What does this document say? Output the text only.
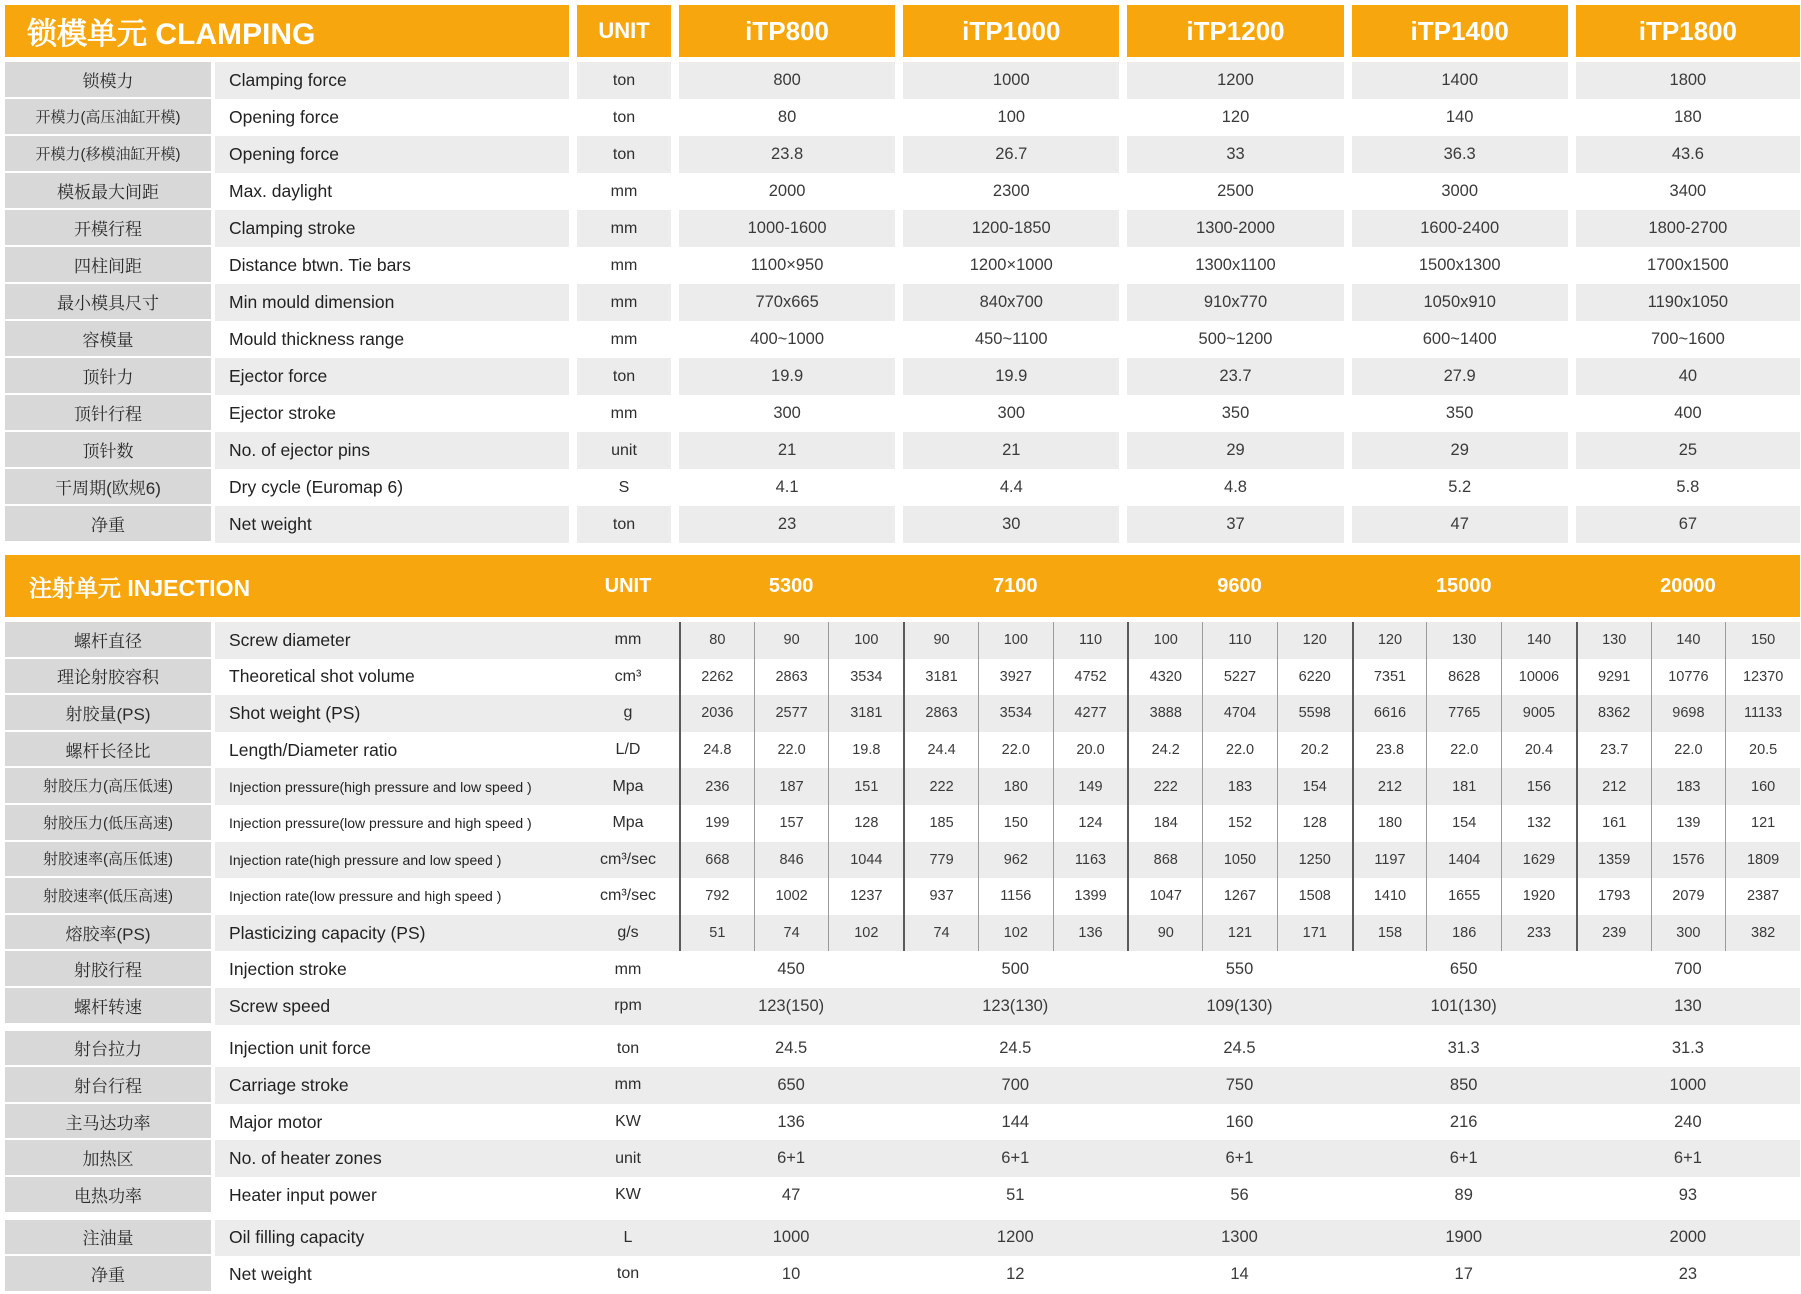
锁模单元 CLAMPING	UNIT	iTP800	iTP1000	iTP1200	iTP1400	iTP1800
锁模力	Clamping force	ton	800	1000	1200	1400	1800
开模力(高压油缸开模)	Opening force	ton	80	100	120	140	180
开模力(移模油缸开模)	Opening force	ton	23.8	26.7	33	36.3	43.6
模板最大间距	Max. daylight	mm	2000	2300	2500	3000	3400
开模行程	Clamping stroke	mm	1000-1600	1200-1850	1300-2000	1600-2400	1800-2700
四柱间距	Distance btwn. Tie bars	mm	1100×950	1200×1000	1300x1100	1500x1300	1700x1500
最小模具尺寸	Min mould dimension	mm	770x665	840x700	910x770	1050x910	1190x1050
容模量	Mould thickness range	mm	400~1000	450~1100	500~1200	600~1400	700~1600
顶针力	Ejector force	ton	19.9	19.9	23.7	27.9	40
顶针行程	Ejector stroke	mm	300	300	350	350	400
顶针数	No. of ejector pins	unit	21	21	29	29	25
干周期(欧规6)	Dry cycle (Euromap 6)	S	4.1	4.4	4.8	5.2	5.8
净重	Net weight	ton	23	30	37	47	67
注射单元 INJECTION	UNIT	5300	7100	9600	15000	20000
螺杆直径	Screw diameter	mm	80	90	100	90	100	110	100	110	120	120	130	140	130	140	150
理论射胶容积	Theoretical shot volume	cm³	2262	2863	3534	3181	3927	4752	4320	5227	6220	7351	8628	10006	9291	10776	12370
射胶量(PS)	Shot weight (PS)	g	2036	2577	3181	2863	3534	4277	3888	4704	5598	6616	7765	9005	8362	9698	11133
螺杆长径比	Length/Diameter ratio	L/D	24.8	22.0	19.8	24.4	22.0	20.0	24.2	22.0	20.2	23.8	22.0	20.4	23.7	22.0	20.5
射胶压力(高压低速)	Injection pressure(high pressure and low speed )	Mpa	236	187	151	222	180	149	222	183	154	212	181	156	212	183	160
射胶压力(低压高速)	Injection pressure(low pressure and high speed )	Mpa	199	157	128	185	150	124	184	152	128	180	154	132	161	139	121
射胶速率(高压低速)	Injection rate(high pressure and low speed )	cm³/sec	668	846	1044	779	962	1163	868	1050	1250	1197	1404	1629	1359	1576	1809
射胶速率(低压高速)	Injection rate(low pressure and high speed )	cm³/sec	792	1002	1237	937	1156	1399	1047	1267	1508	1410	1655	1920	1793	2079	2387
熔胶率(PS)	Plasticizing capacity (PS)	g/s	51	74	102	74	102	136	90	121	171	158	186	233	239	300	382
射胶行程	Injection stroke	mm	450	500	550	650	700
螺杆转速	Screw speed	rpm	123(150)	123(130)	109(130)	101(130)	130
射台拉力	Injection unit force	ton	24.5	24.5	24.5	31.3	31.3
射台行程	Carriage stroke	mm	650	700	750	850	1000
主马达功率	Major motor	KW	136	144	160	216	240
加热区	No. of heater zones	unit	6+1	6+1	6+1	6+1	6+1
电热功率	Heater input power	KW	47	51	56	89	93
注油量	Oil filling capacity	L	1000	1200	1300	1900	2000
净重	Net weight	ton	10	12	14	17	23
